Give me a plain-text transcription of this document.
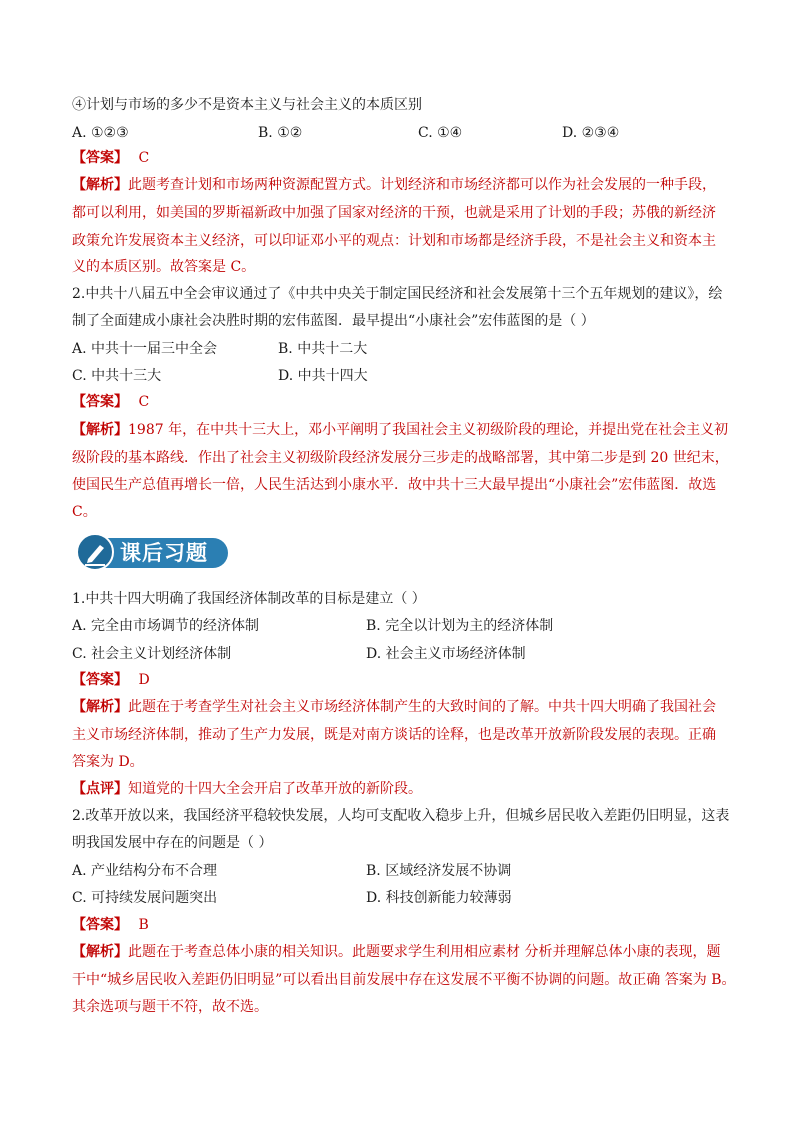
④计划与市场的多少不是资本主义与社会主义的本质区别
A. ①②③	B. ①②	C. ①④	D. ②③④
【答案】 C
【解析】此题考查计划和市场两种资源配置方式。计划经济和市场经济都可以作为社会发展的一种手段，
都可以利用，如美国的罗斯福新政中加强了国家对经济的干预，也就是采用了计划的手段；苏俄的新经济
政策允许发展资本主义经济，可以印证邓小平的观点：计划和市场都是经济手段，不是社会主义和资本主
义的本质区别。故答案是 C。
2.中共十八届五中全会审议通过了《中共中央关于制定国民经济和社会发展第十三个五年规划的建议》，绘
制了全面建成小康社会决胜时期的宏伟蓝图．最早提出“小康社会”宏伟蓝图的是（ ）
A. 中共十一届三中全会	B. 中共十二大
C. 中共十三大	D. 中共十四大
【答案】 C
【解析】1987 年，在中共十三大上，邓小平阐明了我国社会主义初级阶段的理论，并提出党在社会主义初
级阶段的基本路线．作出了社会主义初级阶段经济发展分三步走的战略部署，其中第二步是到 20 世纪末，
使国民生产总值再增长一倍，人民生活达到小康水平．故中共十三大最早提出“小康社会”宏伟蓝图．故选
C。
课后习题
1.中共十四大明确了我国经济体制改革的目标是建立（ ）
A. 完全由市场调节的经济体制	B. 完全以计划为主的经济体制
C. 社会主义计划经济体制	D. 社会主义市场经济体制
【答案】 D
【解析】此题在于考查学生对社会主义市场经济体制产生的大致时间的了解。中共十四大明确了我国社会
主义市场经济体制，推动了生产力发展，既是对南方谈话的诠释，也是改革开放新阶段发展的表现。正确
答案为 D。
【点评】知道党的十四大全会开启了改革开放的新阶段。
2.改革开放以来，我国经济平稳较快发展，人均可支配收入稳步上升，但城乡居民收入差距仍旧明显，这表
明我国发展中存在的问题是（ ）
A. 产业结构分布不合理	B. 区域经济发展不协调
C. 可持续发展问题突出	D. 科技创新能力较薄弱
【答案】 B
【解析】此题在于考查总体小康的相关知识。此题要求学生利用相应素材 分析并理解总体小康的表现，题
干中“城乡居民收入差距仍旧明显”可以看出目前发展中存在这发展不平衡不协调的问题。故正确 答案为 B。
其余选项与题干不符，故不选。
